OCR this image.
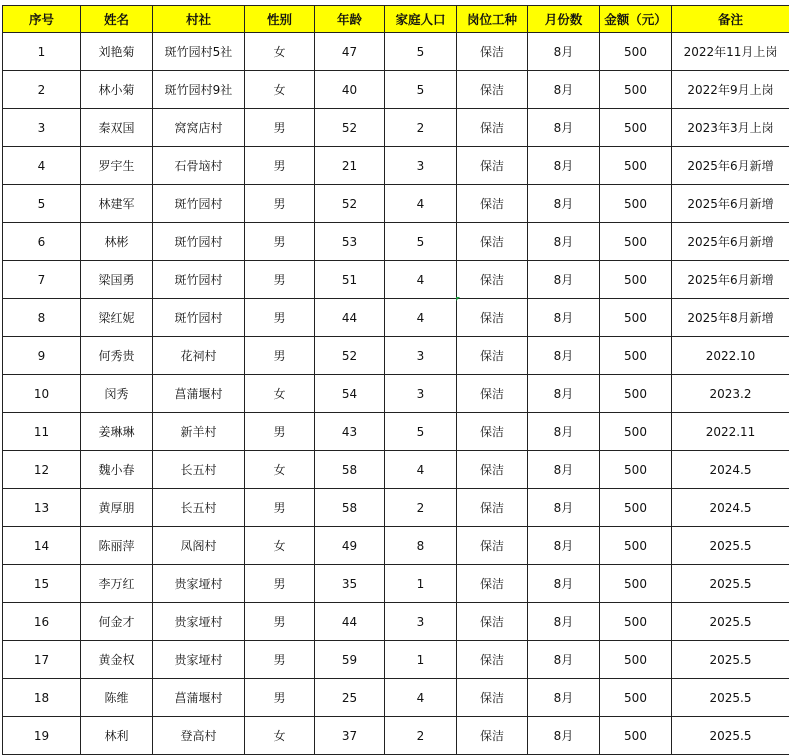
序号	姓名	村社	性别	年龄	家庭人口	岗位工种	月份数	金额（元）	备注
1	刘艳菊	斑竹园村5社	女	47	5	保洁	8月	500	2022年11月上岗
2	林小菊	斑竹园村9社	女	40	5	保洁	8月	500	2022年9月上岗
3	秦双国	窝窝店村	男	52	2	保洁	8月	500	2023年3月上岗
4	罗宇生	石骨垴村	男	21	3	保洁	8月	500	2025年6月新增
5	林建军	斑竹园村	男	52	4	保洁	8月	500	2025年6月新增
6	林彬	斑竹园村	男	53	5	保洁	8月	500	2025年6月新增
7	梁国勇	斑竹园村	男	51	4	保洁	8月	500	2025年6月新增
8	梁红妮	斑竹园村	男	44	4	保洁	8月	500	2025年8月新增
9	何秀贵	花祠村	男	52	3	保洁	8月	500	2022.10
10	闵秀	菖蒲堰村	女	54	3	保洁	8月	500	2023.2
11	姜琳琳	新羊村	男	43	5	保洁	8月	500	2022.11
12	魏小春	长五村	女	58	4	保洁	8月	500	2024.5
13	黄厚朋	长五村	男	58	2	保洁	8月	500	2024.5
14	陈丽萍	凤阁村	女	49	8	保洁	8月	500	2025.5
15	李万红	贵家垭村	男	35	1	保洁	8月	500	2025.5
16	何金才	贵家垭村	男	44	3	保洁	8月	500	2025.5
17	黄金权	贵家垭村	男	59	1	保洁	8月	500	2025.5
18	陈维	菖蒲堰村	男	25	4	保洁	8月	500	2025.5
19	林利	登高村	女	37	2	保洁	8月	500	2025.5
